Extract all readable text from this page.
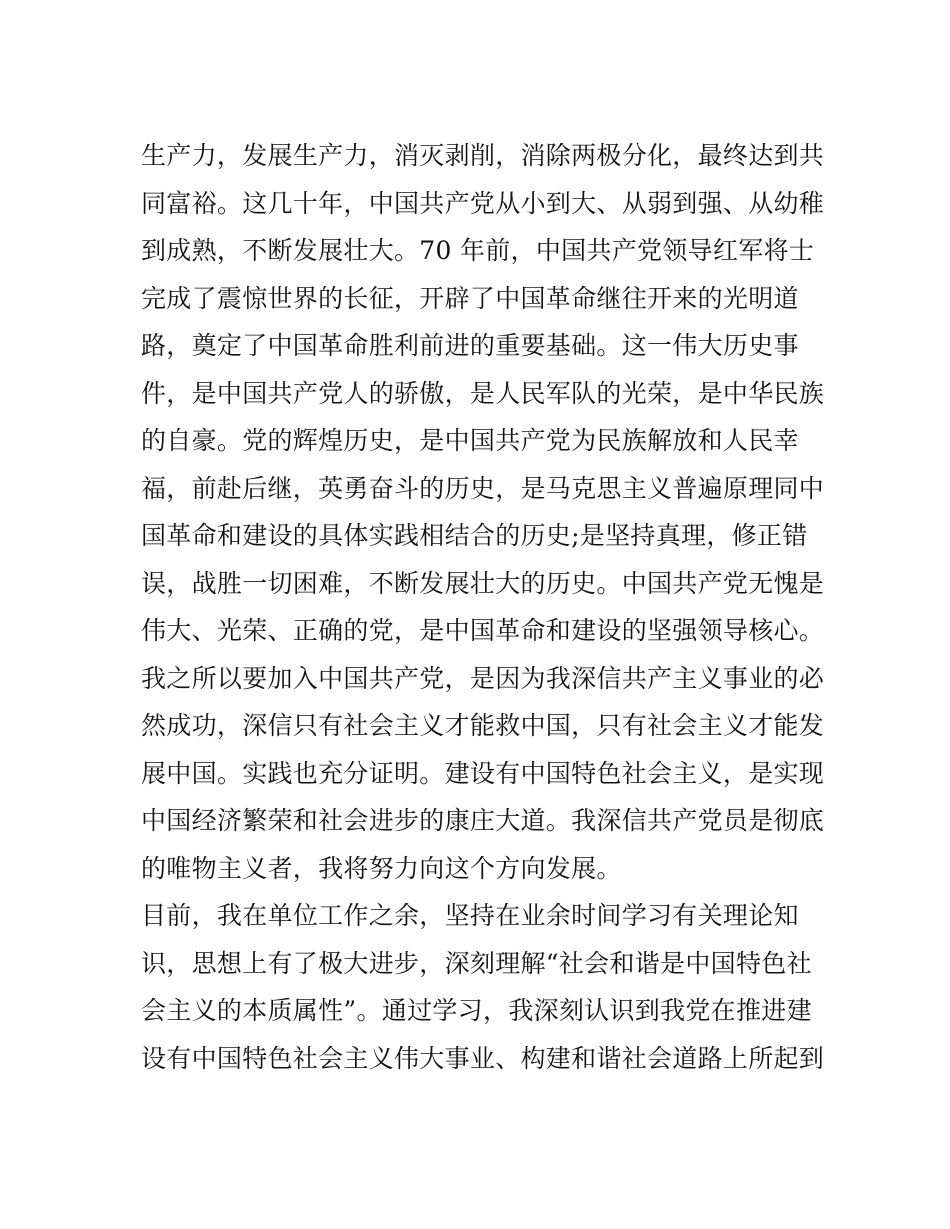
生产力，发展生产力，消灭剥削，消除两极分化，最终达到共
同富裕。这几十年，中国共产党从小到大、从弱到强、从幼稚
到成熟，不断发展壮大。70 年前，中国共产党领导红军将士
完成了震惊世界的长征，开辟了中国革命继往开来的光明道
路，奠定了中国革命胜利前进的重要基础。这一伟大历史事
件，是中国共产党人的骄傲，是人民军队的光荣，是中华民族
的自豪。党的辉煌历史，是中国共产党为民族解放和人民幸
福，前赴后继，英勇奋斗的历史，是马克思主义普遍原理同中
国革命和建设的具体实践相结合的历史;是坚持真理，修正错
误，战胜一切困难，不断发展壮大的历史。中国共产党无愧是
伟大、光荣、正确的党，是中国革命和建设的坚强领导核心。
我之所以要加入中国共产党，是因为我深信共产主义事业的必
然成功，深信只有社会主义才能救中国，只有社会主义才能发
展中国。实践也充分证明。建设有中国特色社会主义，是实现
中国经济繁荣和社会进步的康庄大道。我深信共产党员是彻底
的唯物主义者，我将努力向这个方向发展。
目前，我在单位工作之余，坚持在业余时间学习有关理论知
识，思想上有了极大进步，深刻理解“社会和谐是中国特色社
会主义的本质属性”。通过学习，我深刻认识到我党在推进建
设有中国特色社会主义伟大事业、构建和谐社会道路上所起到
